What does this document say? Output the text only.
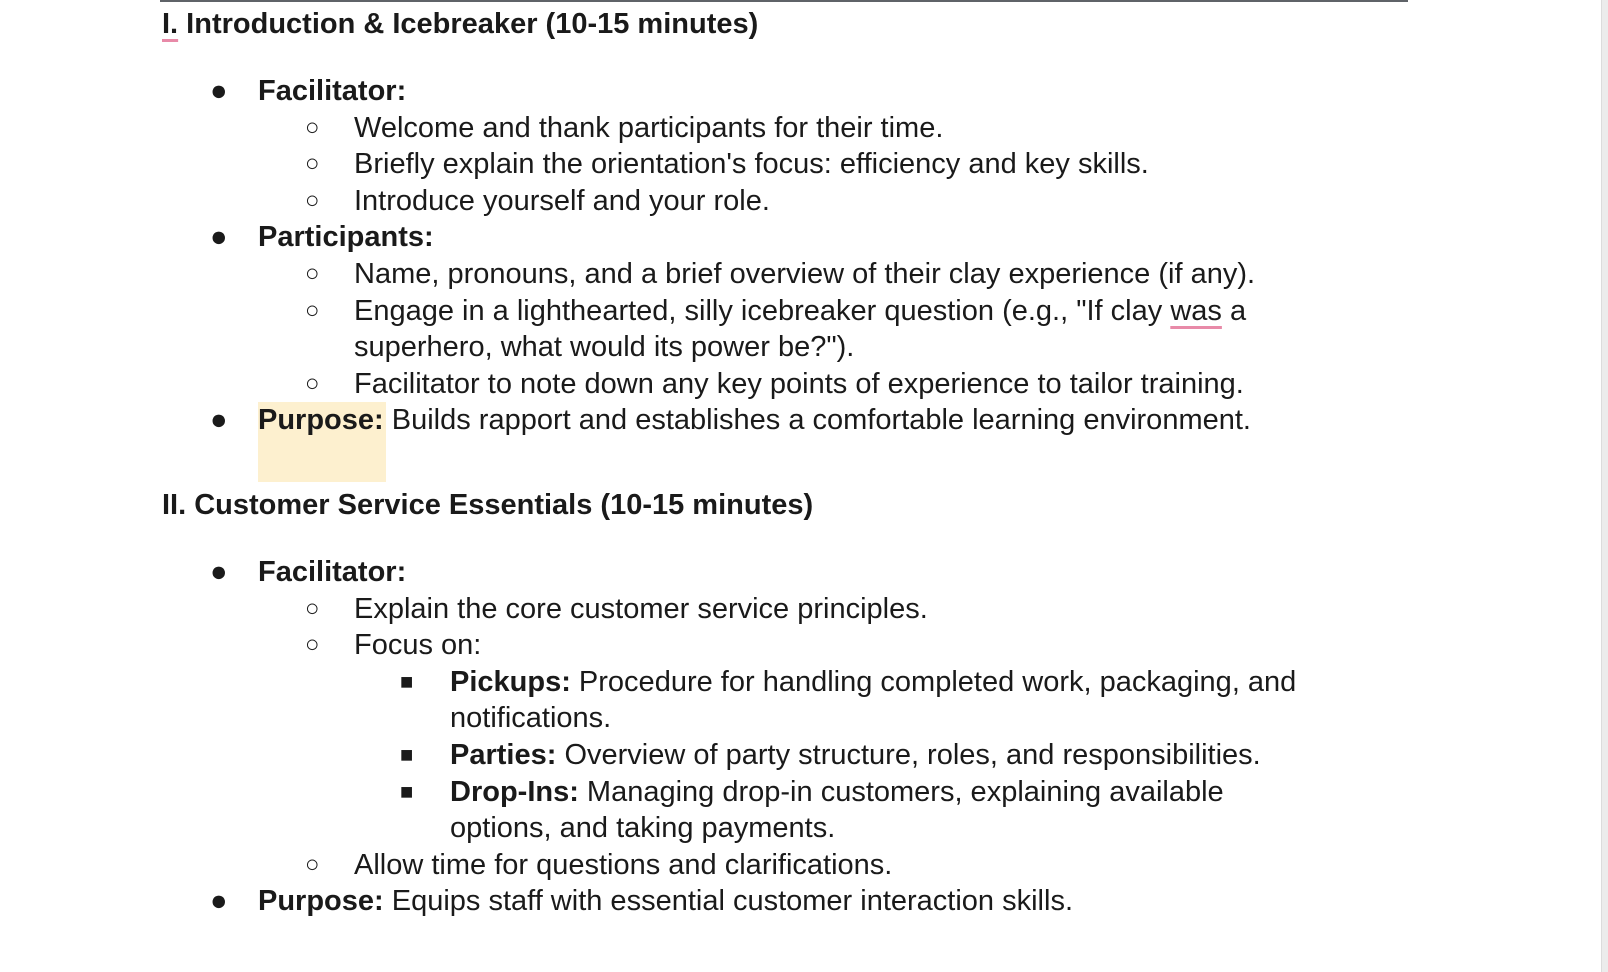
I. Introduction & Icebreaker (10-15 minutes)
● Facilitator:
○ Welcome and thank participants for their time.
○ Briefly explain the orientation's focus: efficiency and key skills.
○ Introduce yourself and your role.
● Participants:
○ Name, pronouns, and a brief overview of their clay experience (if any).
○ Engage in a lighthearted, silly icebreaker question (e.g., "If clay was a superhero, what would its power be?").
○ Facilitator to note down any key points of experience to tailor training.
● Purpose: Builds rapport and establishes a comfortable learning environment.
II. Customer Service Essentials (10-15 minutes)
● Facilitator:
○ Explain the core customer service principles.
○ Focus on:
■ Pickups: Procedure for handling completed work, packaging, and notifications.
■ Parties: Overview of party structure, roles, and responsibilities.
■ Drop-Ins: Managing drop-in customers, explaining available options, and taking payments.
○ Allow time for questions and clarifications.
● Purpose: Equips staff with essential customer interaction skills.
